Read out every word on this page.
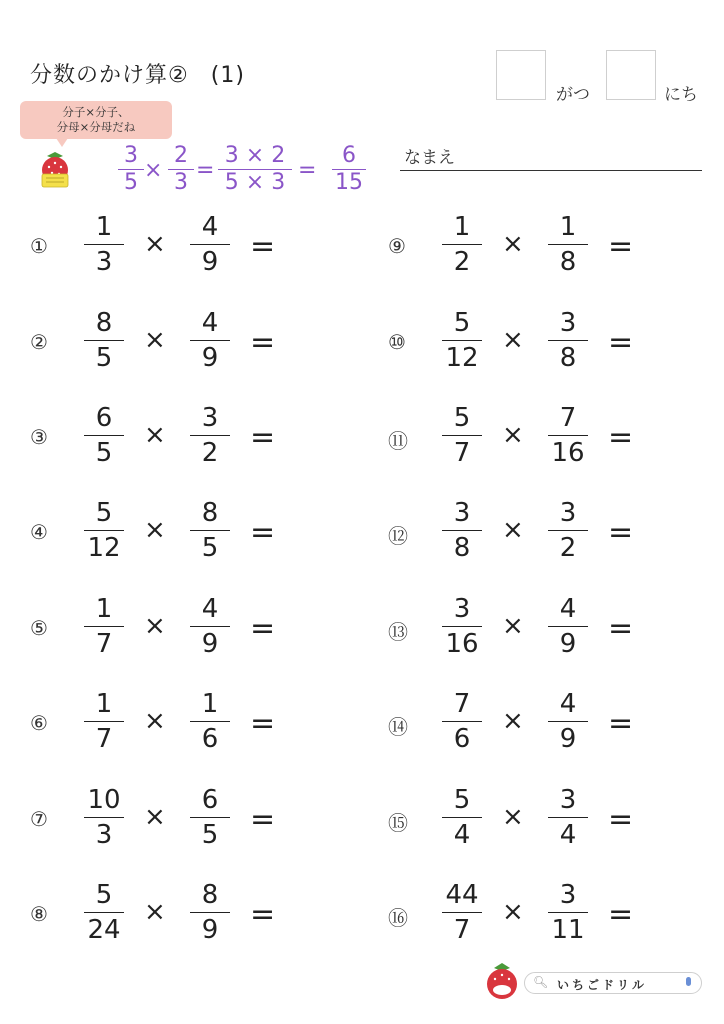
分数のかけ算② (1)
がつ	にち
なまえ
分子×分子、
分母×分母だね
3
5 ×
2
3 =
3 × 2
5 × 3 =
6
15
①
1
3
×
4
9	=
②
8
5
×
4
9	=
③
6
5
×
3
2	=
④
5
12
×
8
5	=
⑤
1
7
×
4
9	=
⑥
1
7
×
1
6	=
⑦
10
3
×
6
5	=
⑧
5
24
×
8
9	=
⑨
1
2
×
1
8	=
⑩
5
12
×
3
8	=
⑪
5
7
×
7
16 =
⑫
3
8
×
3
2	=
⑬
3
16
×
4
9	=
⑭
7
6
×
4
9	=
⑮
5
4
×
3
4	=
⑯
44
7
×
3
11 =
🔍︎ いちごドリル
